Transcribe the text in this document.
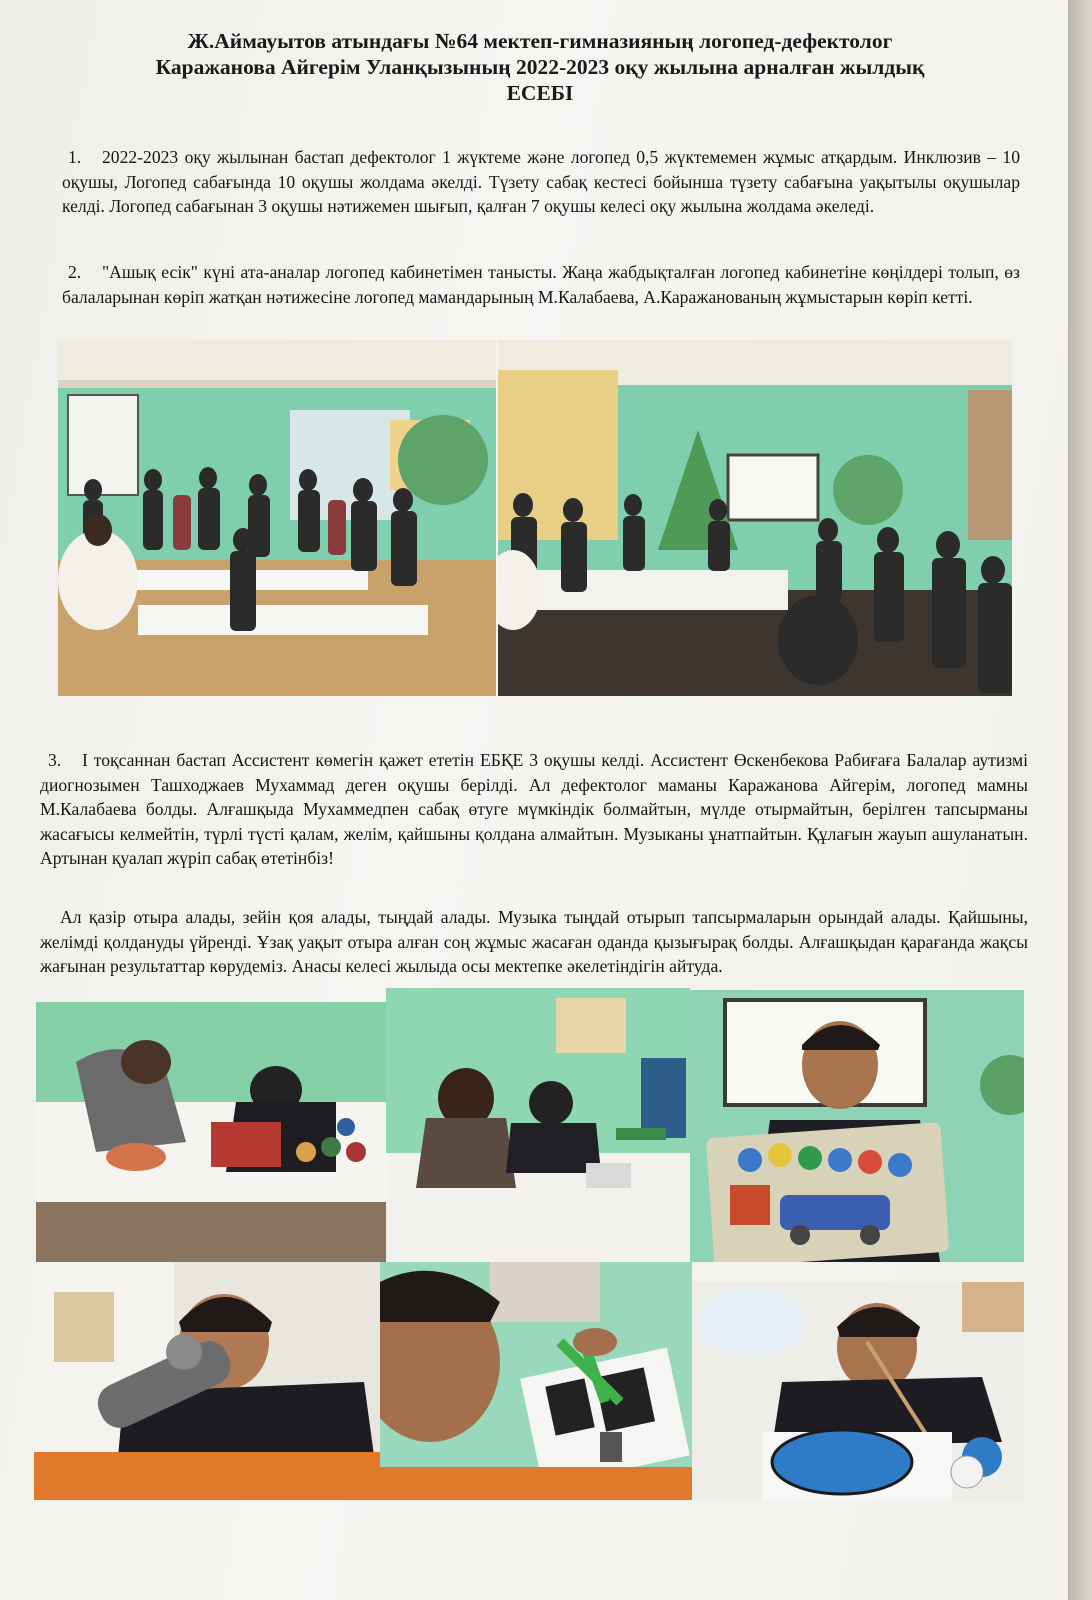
Ж.Аймауытов атындағы №64 мектеп-гимназияның логопед-дефектолог
Каражанова Айгерім Уланқызының 2022-2023 оқу жылына арналған жылдық
ЕСЕБІ

1. 2022-2023 оқу жылынан бастап дефектолог 1 жүктеме және логопед 0,5 жүктемемен жұмыс атқардым. Инклюзив – 10 оқушы, Логопед сабағында 10 оқушы жолдама әкелді. Түзету сабақ кестесі бойынша түзету сабағына уақытылы оқушылар келді. Логопед сабағынан 3 оқушы нәтижемен шығып, қалған 7 оқушы келесі оқу жылына жолдама әкеледі.

2. "Ашық есік" күні ата-аналар логопед кабинетімен танысты. Жаңа жабдықталған логопед кабинетіне көңілдері толып, өз балаларынан көріп жатқан нәтижесіне логопед мамандарының М.Калабаева, А.Каражанованың жұмыстарын көріп кетті.

3. І тоқсаннан бастап Ассистент көмегін қажет ететін ЕБҚЕ 3 оқушы келді. Ассистент Өскенбекова Рабиғаға Балалар аутизмі диогнозымен Ташходжаев Мухаммад деген оқушы берілді. Ал дефектолог маманы Каражанова Айгерім, логопед мамны М.Калабаева болды. Алғашқыда Мухаммедпен сабақ өтуге мүмкіндік болмайтын, мүлде отырмайтын, берілген тапсырманы жасағысы келмейтін, түрлі түсті қалам, желім, қайшыны қолдана алмайтын. Музыканы ұнатпайтын. Құлағын жауып ашуланатын. Артынан қуалап жүріп сабақ өтетінбіз!

Ал қазір отыра алады, зейін қоя алады, тыңдай алады. Музыка тыңдай отырып тапсырмаларын орындай алады. Қайшыны, желімді қолдануды үйренді. Ұзақ уақыт отыра алған соң жұмыс жасаған оданда қызығырақ болды. Алғашқыдан қарағанда жақсы жағынан результаттар көрудеміз. Анасы келесі жылыда осы мектепке әкелетіндігін айтуда.
